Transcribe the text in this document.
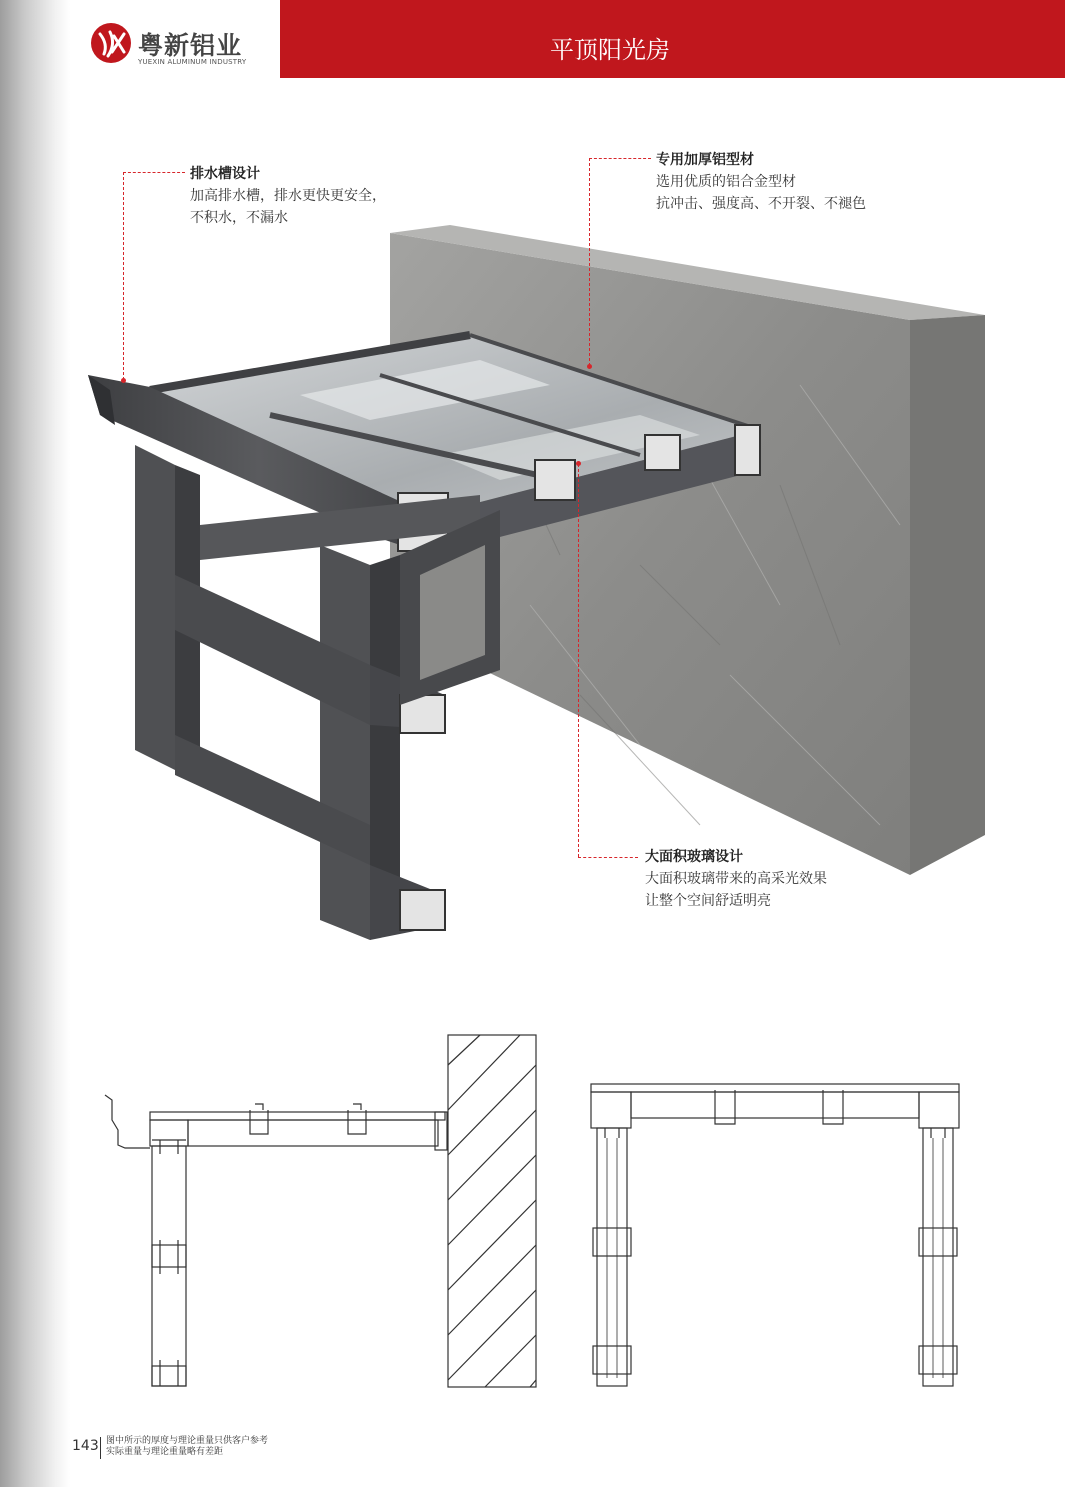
粤新铝业
YUEXIN ALUMINUM INDUSTRY	平顶阳光房
排水槽设计
加高排水槽，排水更快更安全，
不积水，不漏水
专用加厚铝型材
选用优质的铝合金型材
抗冲击、强度高、不开裂、不褪色
大面积玻璃设计
大面积玻璃带来的高采光效果
让整个空间舒适明亮
143 图中所示的厚度与理论重量只供客户参考
实际重量与理论重量略有差距
